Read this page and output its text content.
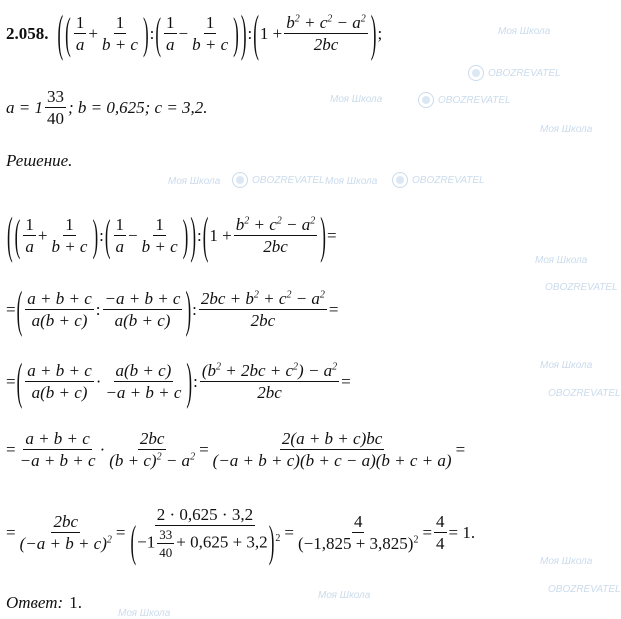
Моя Школа
OBOZREVATEL
Моя Школа	OBOZREVATEL
Моя Школа
Моя Школа	OBOZREVATEL Моя Школа	OBOZREVATEL
Моя Школа
OBOZREVATEL
Моя Школа
OBOZREVATEL
Моя Школа
OBOZREVATEL
Моя Школа
Моя Школа
2.058. ( ( $\frac{1}{a} + \frac{1}{b + c}$ ) : ( $\frac{1}{a} - \frac{1}{b + c}$ ) ) : ( $1 + \frac{b^2 + c^2 - a^2}{2bc}$ ) ;
$a = 1 \frac{33}{40}$ ; b = 0,625; c = 3,2.
Решение.
( ( $\frac{1}{a} + \frac{1}{b + c}$ ) : ( $\frac{1}{a} - \frac{1}{b + c}$ ) ) : ( $1 + \frac{b^2 + c^2 - a^2}{2bc}$ ) =
= ( $\frac{a + b + c}{a(b + c)}$ : $\frac{-a + b + c}{a(b + c)}$ ) : $\frac{2bc + b^2 + c^2 - a^2}{2bc}$ =
= ( $\frac{a + b + c}{a(b + c)} \cdot \frac{a(b + c)}{-a + b + c}$ ) : $\frac{(b^2 + 2bc + c^2) - a^2}{2bc}$ =
= $\frac{a + b + c}{-a + b + c} \cdot \frac{2bc}{(b + c)^2 - a^2} = \frac{2(a + b + c)bc}{(-a + b + c)(b + c - a)(b + c + a)}$ =
= $\frac{2bc}{(-a + b + c)^2} = \frac{2 \cdot 0,625 \cdot 3,2}{(-1 \frac{33}{40} + 0,625 + 3,2)^2} = \frac{4}{(-1,825 + 3,825)^2} = \frac{4}{4} = 1$.
Ответ: 1.
